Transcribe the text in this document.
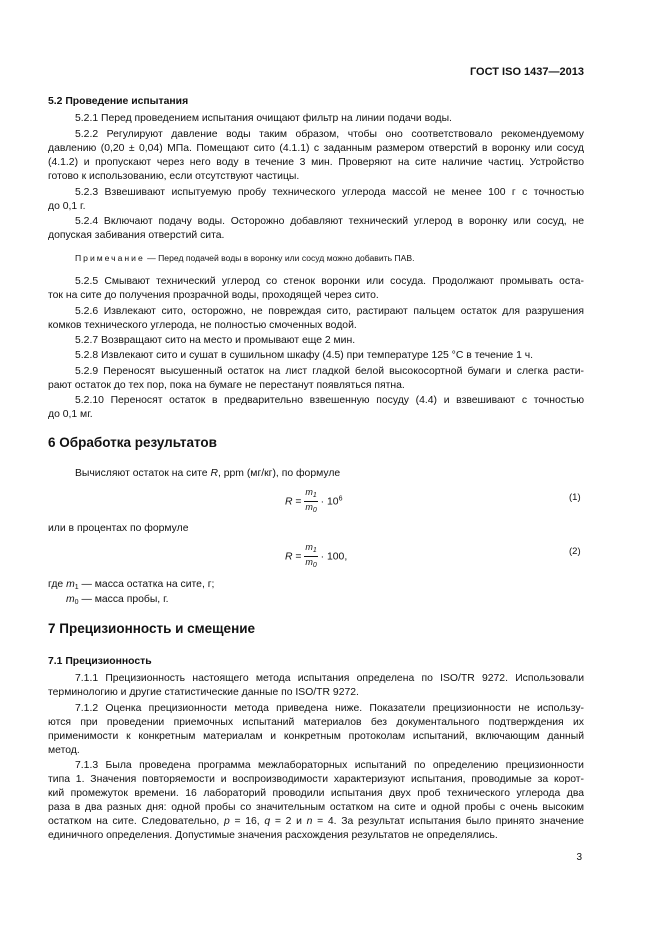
ГОСТ ISO 1437—2013
5.2 Проведение испытания
5.2.1 Перед проведением испытания очищают фильтр на линии подачи воды.
5.2.2 Регулируют давление воды таким образом, чтобы оно соответствовало рекомендуемому
давлению (0,20 ± 0,04) МПа. Помещают сито (4.1.1) с заданным размером отверстий в воронку или сосуд
(4.1.2) и пропускают через него воду в течение 3 мин. Проверяют на сите наличие частиц. Устройство
готово к использованию, если отсутствуют частицы.
5.2.3 Взвешивают испытуемую пробу технического углерода массой не менее 100 г с точностью
до 0,1 г.
5.2.4 Включают подачу воды. Осторожно добавляют технический углерод в воронку или сосуд, не
допуская забивания отверстий сита.
Примечание — Перед подачей воды в воронку или сосуд можно добавить ПАВ.
5.2.5 Смывают технический углерод со стенок воронки или сосуда. Продолжают промывать оста-
ток на сите до получения прозрачной воды, проходящей через сито.
5.2.6 Извлекают сито, осторожно, не повреждая сито, растирают пальцем остаток для разрушения
комков технического углерода, не полностью смоченных водой.
5.2.7 Возвращают сито на место и промывают еще 2 мин.
5.2.8 Извлекают сито и сушат в сушильном шкафу (4.5) при температуре 125 °С в течение 1 ч.
5.2.9 Переносят высушенный остаток на лист гладкой белой высокосортной бумаги и слегка расти-
рают остаток до тех пор, пока на бумаге не перестанут появляться пятна.
5.2.10 Переносят остаток в предварительно взвешенную посуду (4.4) и взвешивают с точностью
до 0,1 мг.
6 Обработка результатов
Вычисляют остаток на сите R, ppm (мг/кг), по формуле
$R = \frac{m_1}{m_0} \cdot 10^6$	(1)
или в процентах по формуле
$R = \frac{m_1}{m_0} \cdot 100$,	(2)
где $m_1$ — масса остатка на сите, г;
$m_0$ — масса пробы, г.
7 Прецизионность и смещение
7.1 Прецизионность
7.1.1 Прецизионность настоящего метода испытания определена по ISO/TR 9272. Использовали
терминологию и другие статистические данные по ISO/TR 9272.
7.1.2 Оценка прецизионности метода приведена ниже. Показатели прецизионности не использу-
ются при проведении приемочных испытаний материалов без документального подтверждения их
применимости к конкретным материалам и конкретным протоколам испытаний, включающим данный
метод.
7.1.3 Была проведена программа межлабораторных испытаний по определению прецизионности
типа 1. Значения повторяемости и воспроизводимости характеризуют испытания, проводимые за корот-
кий промежуток времени. 16 лабораторий проводили испытания двух проб технического углерода два
раза в два разных дня: одной пробы со значительным остатком на сите и одной пробы с очень высоким
остатком на сите. Следовательно, p = 16, q = 2 и n = 4. За результат испытания было принято значение
единичного определения. Допустимые значения расхождения результатов не определялись.
3
